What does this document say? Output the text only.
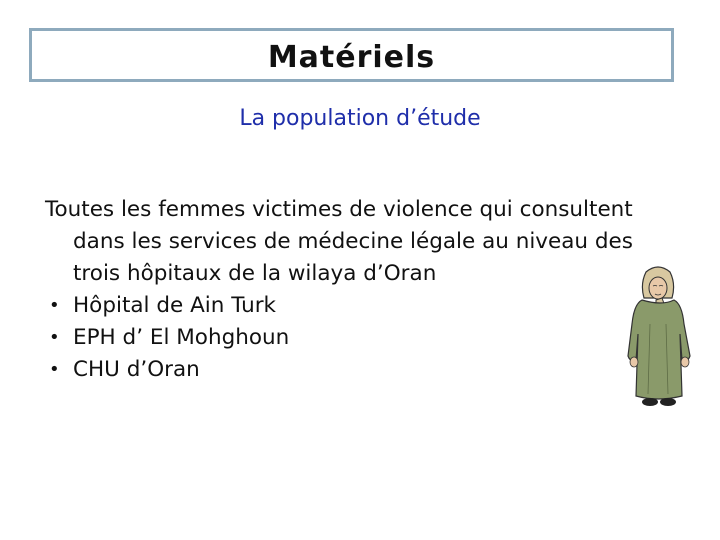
Matériels
La population d’étude

Toutes les femmes victimes de violence qui consultent dans les services de médecine légale au niveau des trois hôpitaux de la wilaya d’Oran

• Hôpital de Ain Turk
• EPH d’ El Mohghoun
• CHU d’Oran
